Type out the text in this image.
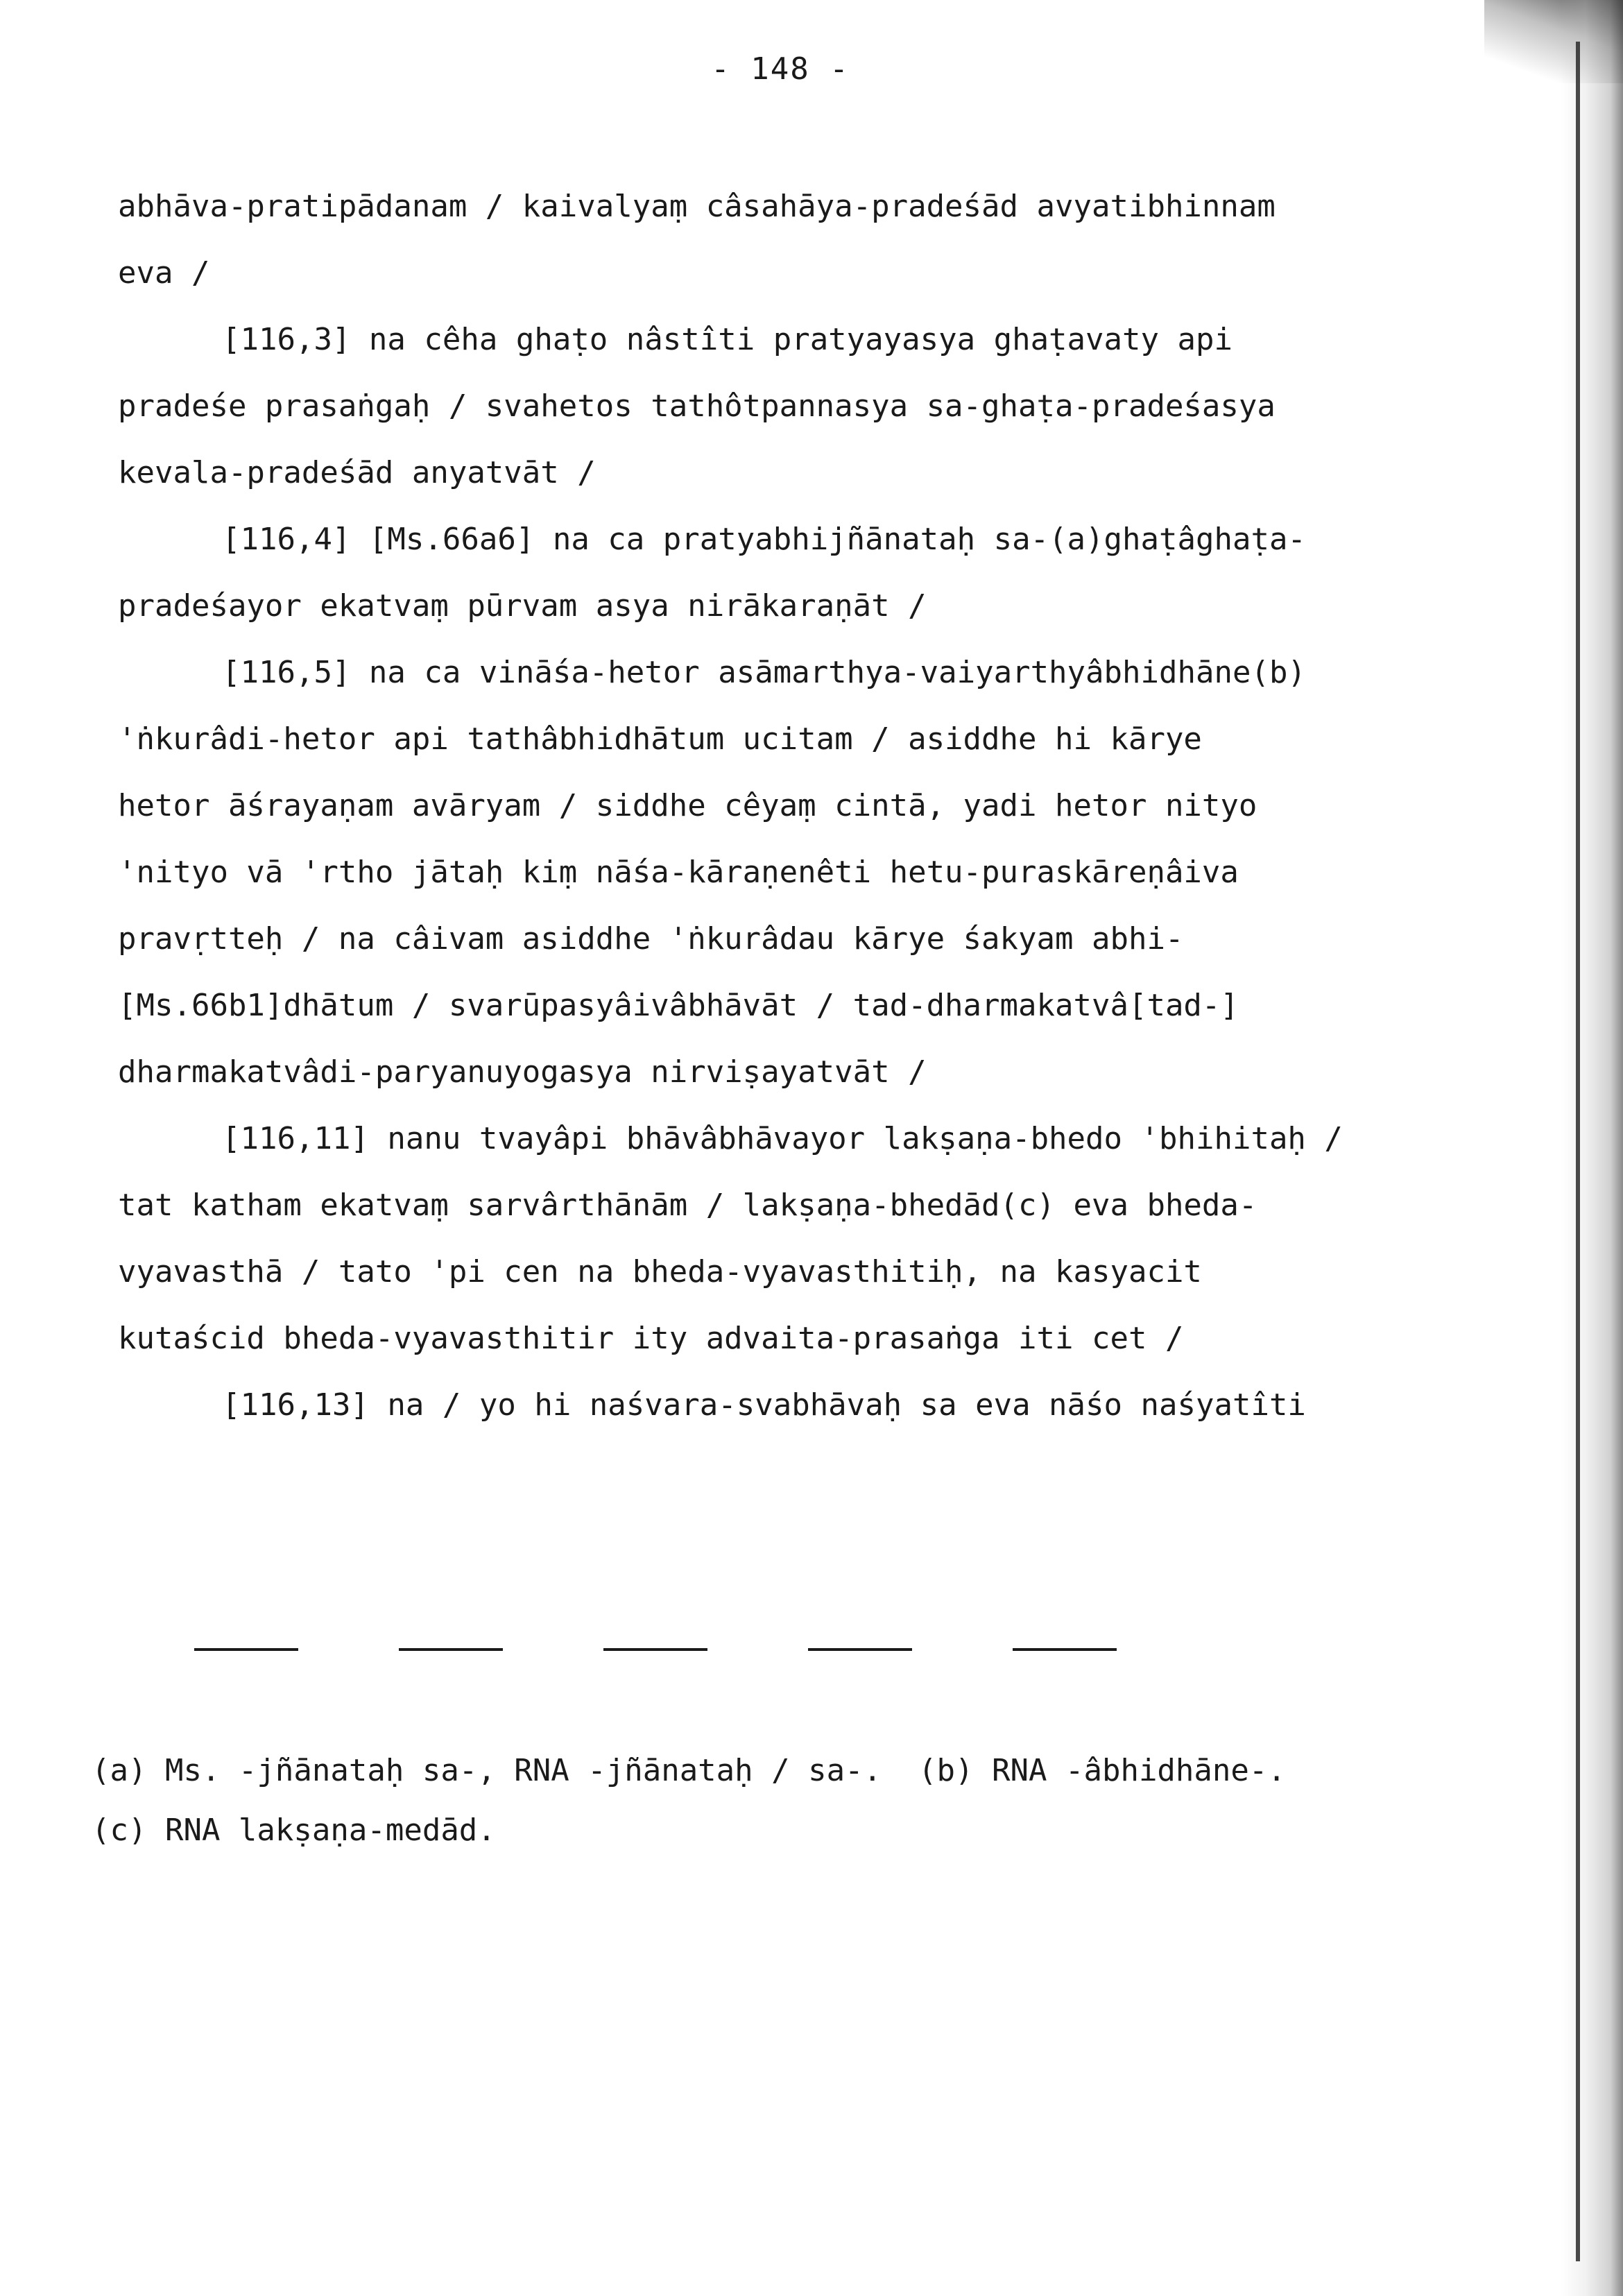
- 148 -
abhāva-pratipādanam / kaivalyaṃ câsahāya-pradeśād avyatibhinnam
eva /
[116,3] na cêha ghaṭo nâstîti pratyayasya ghaṭavaty api
pradeśe prasaṅgaḥ / svahetos tathôtpannasya sa-ghaṭa-pradeśasya
kevala-pradeśād anyatvāt /
[116,4] [Ms.66a6] na ca pratyabhijñānataḥ sa-(a)ghaṭâghaṭa-
pradeśayor ekatvaṃ pūrvam asya nirākaraṇāt /
[116,5] na ca vināśa-hetor asāmarthya-vaiyarthyâbhidhāne(b)
'ṅkurâdi-hetor api tathâbhidhātum ucitam / asiddhe hi kārye
hetor āśrayaṇam avāryam / siddhe cêyaṃ cintā, yadi hetor nityo
'nityo vā 'rtho jātaḥ kiṃ nāśa-kāraṇenêti hetu-puraskāreṇâiva
pravṛtteḥ / na câivam asiddhe 'ṅkurâdau kārye śakyam abhi-
[Ms.66b1]dhātum / svarūpasyâivâbhāvāt / tad-dharmakatvâ[tad-]
dharmakatvâdi-paryanuyogasya nirviṣayatvāt /
[116,11] nanu tvayâpi bhāvâbhāvayor lakṣaṇa-bhedo 'bhihitaḥ /
tat katham ekatvaṃ sarvârthānām / lakṣaṇa-bhedād(c) eva bheda-
vyavasthā / tato 'pi cen na bheda-vyavasthitiḥ, na kasyacit
kutaścid bheda-vyavasthitir ity advaita-prasaṅga iti cet /
[116,13] na / yo hi naśvara-svabhāvaḥ sa eva nāśo naśyatîti
(a) Ms. -jñānataḥ sa-, RNA -jñānataḥ / sa-.  (b) RNA -âbhidhāne-.
(c) RNA lakṣaṇa-medād.
